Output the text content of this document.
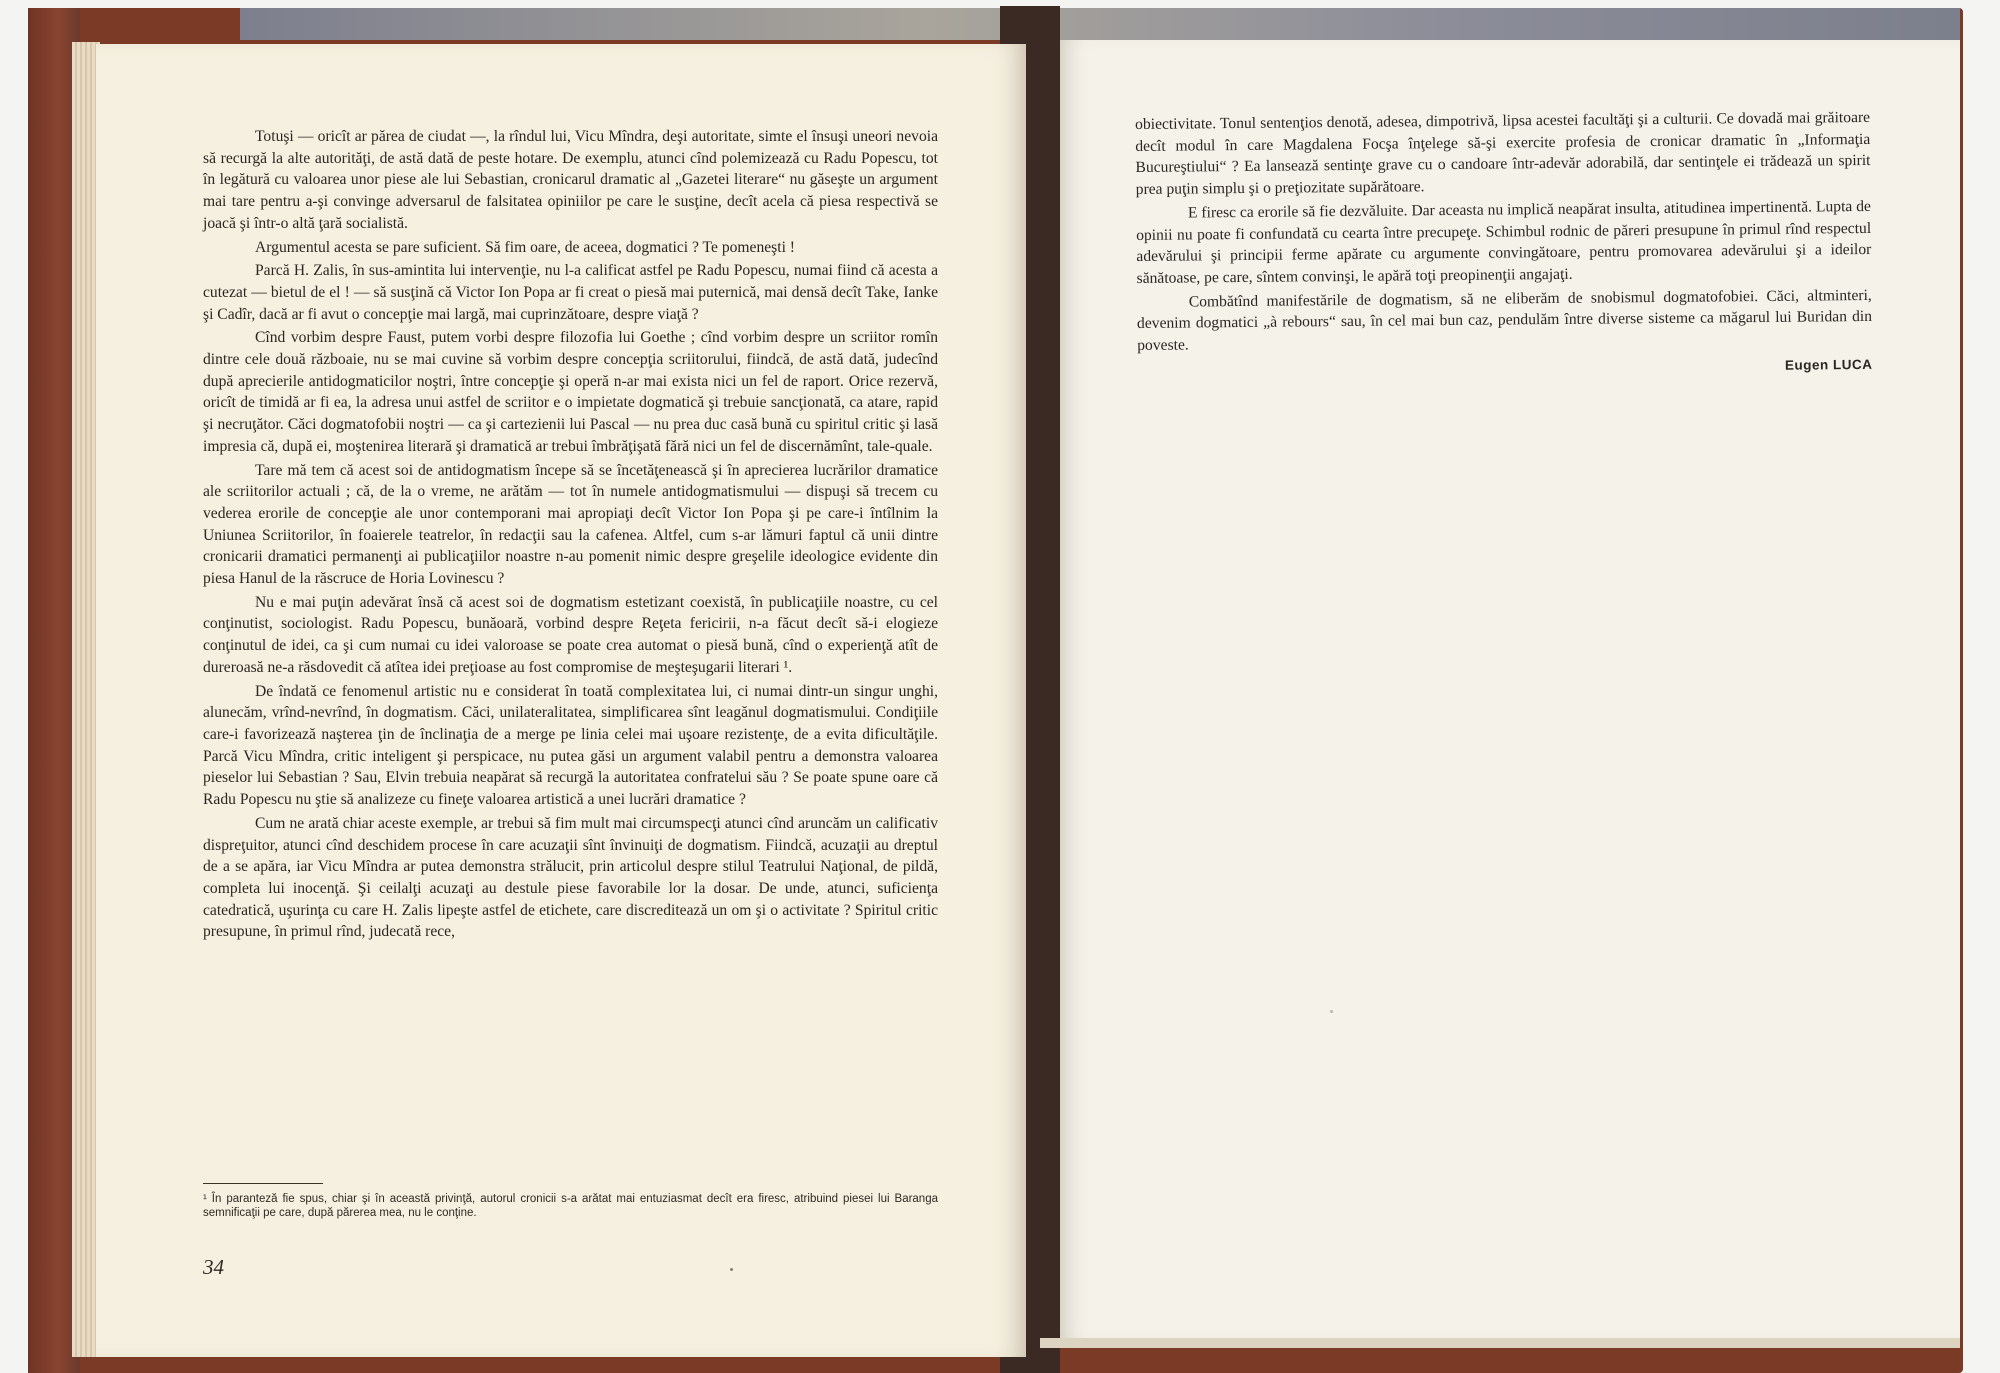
Totuşi — oricît ar părea de ciudat —, la rîndul lui, Vicu Mîndra, deşi autoritate, simte el însuşi uneori nevoia să recurgă la alte autorităţi, de astă dată de peste hotare. De exemplu, atunci cînd polemizează cu Radu Popescu, tot în legătură cu valoarea unor piese ale lui Sebastian, cronicarul dramatic al „Gazetei literare“ nu găseşte un argument mai tare pentru a-şi convinge adversarul de falsitatea opiniilor pe care le susţine, decît acela că piesa respectivă se joacă şi într-o altă ţară socialistă.

Argumentul acesta se pare suficient. Să fim oare, de aceea, dogmatici ? Te pomeneşti !

Parcă H. Zalis, în sus-amintita lui intervenţie, nu l-a calificat astfel pe Radu Popescu, numai fiind că acesta a cutezat — bietul de el ! — să susţină că Victor Ion Popa ar fi creat o piesă mai puternică, mai densă decît Take, Ianke şi Cadîr, dacă ar fi avut o concepţie mai largă, mai cuprinzătoare, despre viaţă ?

Cînd vorbim despre Faust, putem vorbi despre filozofia lui Goethe ; cînd vorbim despre un scriitor romîn dintre cele două războaie, nu se mai cuvine să vorbim despre concepţia scriitorului, fiindcă, de astă dată, judecînd după aprecierile antidogmaticilor noştri, între concepţie şi operă n-ar mai exista nici un fel de raport. Orice rezervă, oricît de timidă ar fi ea, la adresa unui astfel de scriitor e o impietate dogmatică şi trebuie sancţionată, ca atare, rapid şi necruţător. Căci dogmatofobii noştri — ca şi cartezienii lui Pascal — nu prea duc casă bună cu spiritul critic şi lasă impresia că, după ei, moştenirea literară şi dramatică ar trebui îmbrăţişată fără nici un fel de discernămînt, tale-quale.

Tare mă tem că acest soi de antidogmatism începe să se încetăţenească şi în aprecierea lucrărilor dramatice ale scriitorilor actuali ; că, de la o vreme, ne arătăm — tot în numele antidogmatismului — dispuşi să trecem cu vederea erorile de concepţie ale unor contemporani mai apropiaţi decît Victor Ion Popa şi pe care-i întîlnim la Uniunea Scriitorilor, în foaierele teatrelor, în redacţii sau la cafenea. Altfel, cum s-ar lămuri faptul că unii dintre cronicarii dramatici permanenţi ai publicaţiilor noastre n-au pomenit nimic despre greşelile ideologice evidente din piesa Hanul de la răscruce de Horia Lovinescu ?

Nu e mai puţin adevărat însă că acest soi de dogmatism estetizant coexistă, în publicaţiile noastre, cu cel conţinutist, sociologist. Radu Popescu, bunăoară, vorbind despre Reţeta fericirii, n-a făcut decît să-i elogieze conţinutul de idei, ca şi cum numai cu idei valoroase se poate crea automat o piesă bună, cînd o experienţă atît de dureroasă ne-a răsdovedit că atîtea idei preţioase au fost compromise de meşteşugarii literari ¹.

De îndată ce fenomenul artistic nu e considerat în toată complexitatea lui, ci numai dintr-un singur unghi, alunecăm, vrînd-nevrînd, în dogmatism. Căci, unilateralitatea, simplificarea sînt leagănul dogmatismului. Condiţiile care-i favorizează naşterea ţin de înclinaţia de a merge pe linia celei mai uşoare rezistenţe, de a evita dificultăţile. Parcă Vicu Mîndra, critic inteligent şi perspicace, nu putea găsi un argument valabil pentru a demonstra valoarea pieselor lui Sebastian ? Sau, Elvin trebuia neapărat să recurgă la autoritatea confratelui său ? Se poate spune oare că Radu Popescu nu ştie să analizeze cu fineţe valoarea artistică a unei lucrări dramatice ?

Cum ne arată chiar aceste exemple, ar trebui să fim mult mai circumspecţi atunci cînd aruncăm un calificativ dispreţuitor, atunci cînd deschidem procese în care acuzaţii sînt învinuiţi de dogmatism. Fiindcă, acuzaţii au dreptul de a se apăra, iar Vicu Mîndra ar putea demonstra strălucit, prin articolul despre stilul Teatrului Naţional, de pildă, completa lui inocenţă. Şi ceilalţi acuzaţi au destule piese favorabile lor la dosar. De unde, atunci, suficienţa catedratică, uşurinţa cu care H. Zalis lipeşte astfel de etichete, care discreditează un om şi o activitate ? Spiritul critic presupune, în primul rînd, judecată rece,

¹ În paranteză fie spus, chiar şi în această privinţă, autorul cronicii s-a arătat mai entuziasmat decît era firesc, atribuind piesei lui Baranga semnificaţii pe care, după părerea mea, nu le conţine.
34

obiectivitate. Tonul sentenţios denotă, adesea, dimpotrivă, lipsa acestei facultăţi şi a culturii. Ce dovadă mai grăitoare decît modul în care Magdalena Focşa înţelege să-şi exercite profesia de cronicar dramatic în „Informaţia Bucureştiului“ ? Ea lansează sentinţe grave cu o candoare într-adevăr adorabilă, dar sentinţele ei trădează un spirit prea puţin simplu şi o preţiozitate supărătoare.

E firesc ca erorile să fie dezvăluite. Dar aceasta nu implică neapărat insulta, atitudinea impertinentă. Lupta de opinii nu poate fi confundată cu cearta între precupeţe. Schimbul rodnic de păreri presupune în primul rînd respectul adevărului şi principii ferme apărate cu argumente convingătoare, pentru promovarea adevărului şi a ideilor sănătoase, pe care, sîntem convinşi, le apără toţi preopinenţii angajaţi.

Combătînd manifestările de dogmatism, să ne eliberăm de snobismul dogmatofobiei. Căci, altminteri, devenim dogmatici „à rebours“ sau, în cel mai bun caz, pendulăm între diverse sisteme ca măgarul lui Buridan din poveste.

Eugen LUCA
